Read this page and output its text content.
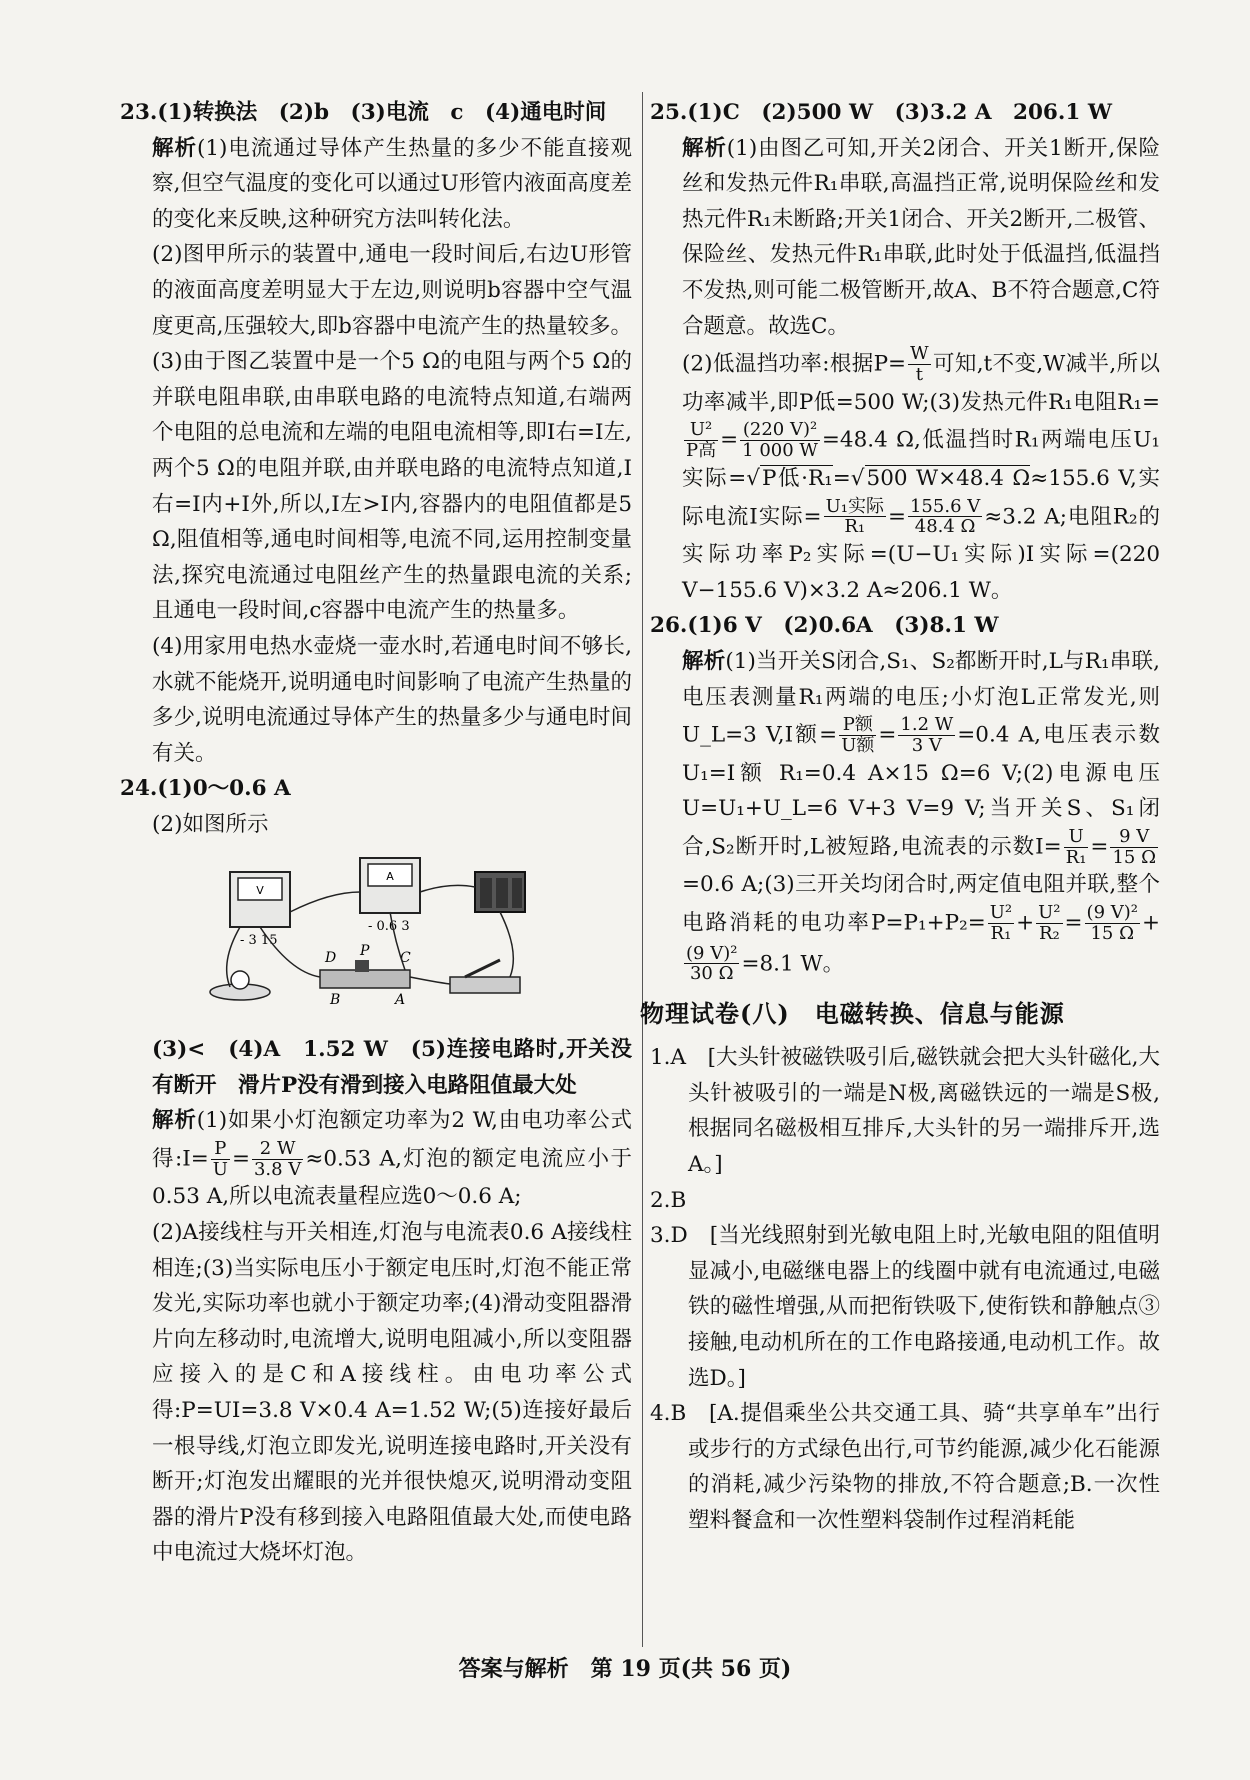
23.(1)转换法　(2)b　(3)电流　c　(4)通电时间

解析(1)电流通过导体产生热量的多少不能直接观察,但空气温度的变化可以通过U形管内液面高度差的变化来反映,这种研究方法叫转化法。

(2)图甲所示的装置中,通电一段时间后,右边U形管的液面高度差明显大于左边,则说明b容器中空气温度更高,压强较大,即b容器中电流产生的热量较多。(3)由于图乙装置中是一个5 Ω的电阻与两个5 Ω的并联电阻串联,由串联电路的电流特点知道,右端两个电阻的总电流和左端的电阻电流相等,即I右=I左,两个5 Ω的电阻并联,由并联电路的电流特点知道,I右=I内+I外,所以,I左>I内,容器内的电阻值都是5 Ω,阻值相等,通电时间相等,电流不同,运用控制变量法,探究电流通过电阻丝产生的热量跟电流的关系;且通电一段时间,c容器中电流产生的热量多。

(4)用家用电热水壶烧一壶水时,若通电时间不够长,水就不能烧开,说明通电时间影响了电流产生热量的多少,说明电流通过导体产生的热量多少与通电时间有关。

24.(1)0～0.6 A

(2)如图所示

V
- 3 15
A
- 0.6 3
D P C
B	A

(3)<　(4)A　1.52 W　(5)连接电路时,开关没有断开　滑片P没有滑到接入电路阻值最大处

解析(1)如果小灯泡额定功率为2 W,由电功率公式得:I= $\frac{P}{U} = \frac{2 W}{3.8 V} \approx 0.53$ A,灯泡的额定电流应小于0.53 A,所以电流表量程应选0～0.6 A;

(2)A接线柱与开关相连,灯泡与电流表0.6 A接线柱相连;(3)当实际电压小于额定电压时,灯泡不能正常发光,实际功率也就小于额定功率;(4)滑动变阻器滑片向左移动时,电流增大,说明电阻减小,所以变阻器应接入的是C和A接线柱。由电功率公式得:P=UI=3.8 V×0.4 A=1.52 W;(5)连接好最后一根导线,灯泡立即发光,说明连接电路时,开关没有断开;灯泡发出耀眼的光并很快熄灭,说明滑动变阻器的滑片P没有移到接入电路阻值最大处,而使电路中电流过大烧坏灯泡。

25.(1)C　(2)500 W　(3)3.2 A　206.1 W

解析(1)由图乙可知,开关2闭合、开关1断开,保险丝和发热元件R₁串联,高温挡正常,说明保险丝和发热元件R₁未断路;开关1闭合、开关2断开,二极管、保险丝、发热元件R₁串联,此时处于低温挡,低温挡不发热,则可能二极管断开,故A、B不符合题意,C符合题意。故选C。

(2)低温挡功率:根据$P= \frac{W}{t}$ 可知,t不变,W减半,所以功率减半,即P低=500 W;(3)发热元件R₁电阻R₁=
$\frac{\text{U²}}{\text{P高}} = \frac{\text{(220 V)²}}{1 000 W} =48.4$ Ω,低温挡时R₁两端电压U₁实际=√P低·R₁=√500 W×48.4 Ω≈155.6 V,实际电流I实际= $\frac{\text{U₁实际}}{\text{R₁}} = \frac{155.6 V}{48.4 \Omega} \approx 3.2$ A;电阻R₂的实际功率P₂实际=(U−U₁实际)I实际=(220 V−155.6 V)×3.2 A≈206.1 W。

26.(1)6 V　(2)0.6A　(3)8.1 W

解析(1)当开关S闭合,S₁、S₂都断开时,L与R₁串联,电压表测量R₁两端的电压;小灯泡L正常发光,则U_L=3 V,I额= $\frac{\text{P额}}{\text{U额}} = \frac{1.2 W}{3 V} =0.4$ A,电压表示数U₁=I额 R₁=0.4 A×15 Ω=6 V;(2)电源电压U=U₁+U_L=6 V+3 V=9 V;当开关S、S₁闭合,S₂断开时,L被短路,电流表的示数$I= \frac{U}{\text{R₁}} = \frac{9 V}{15 \Omega}$
=0.6 A;(3)三开关均闭合时,两定值电阻并联,整个电路消耗的电功率$P=P_1+P_2= \frac{\text{U²}}{\text{R₁}} + \frac{\text{U²}}{\text{R₂}} = \frac{\text{(9 V)²}}{15 \Omega}$ +
$\frac{\text{(9 V)²}}{30 \Omega} =8.1$ W。

物理试卷(八)　电磁转换、信息与能源

1.A　[大头针被磁铁吸引后,磁铁就会把大头针磁化,大头针被吸引的一端是N极,离磁铁远的一端是S极,根据同名磁极相互排斥,大头针的另一端排斥开,选A。]

2.B

3.D　[当光线照射到光敏电阻上时,光敏电阻的阻值明显减小,电磁继电器上的线圈中就有电流通过,电磁铁的磁性增强,从而把衔铁吸下,使衔铁和静触点③接触,电动机所在的工作电路接通,电动机工作。故选D。]

4.B　[A.提倡乘坐公共交通工具、骑“共享单车”出行或步行的方式绿色出行,可节约能源,减少化石能源的消耗,减少污染物的排放,不符合题意;B.一次性塑料餐盒和一次性塑料袋制作过程消耗能

答案与解析　第 19 页(共 56 页)
